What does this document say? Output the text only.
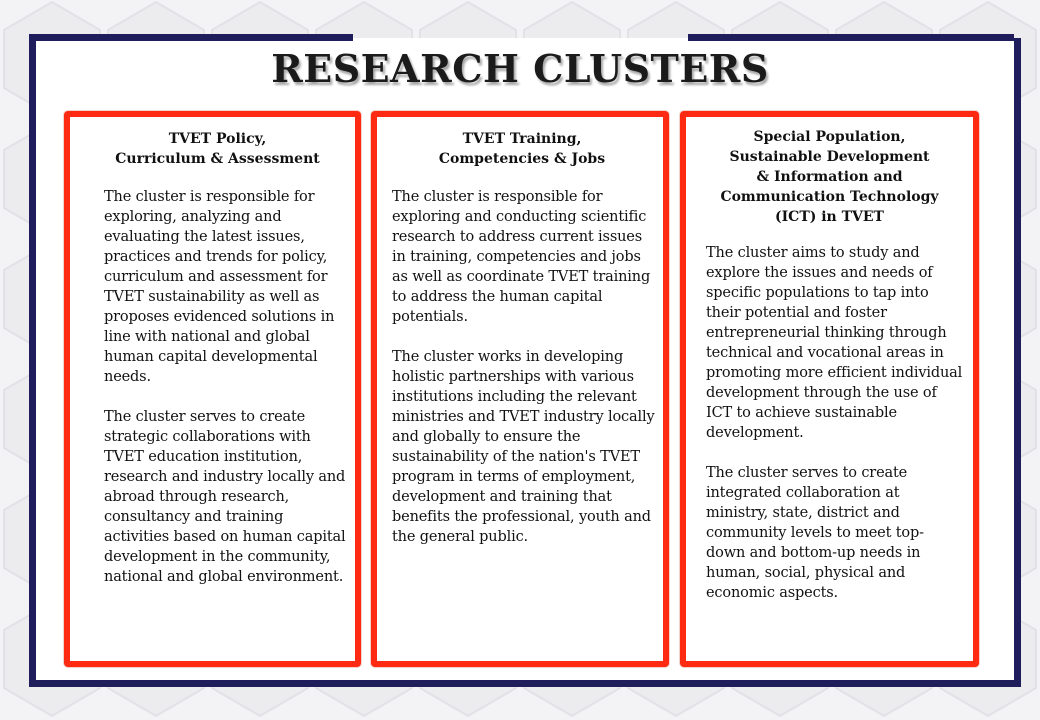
RESEARCH CLUSTERS

TVET Policy,
Curriculum & Assessment

The cluster is responsible for exploring, analyzing and evaluating the latest issues, practices and trends for policy, curriculum and assessment for TVET sustainability as well as proposes evidenced solutions in line with national and global human capital developmental needs.

The cluster serves to create strategic collaborations with TVET education institution, research and industry locally and abroad through research, consultancy and training activities based on human capital development in the community, national and global environment.

TVET Training,
Competencies & Jobs

The cluster is responsible for exploring and conducting scientific research to address current issues in training, competencies and jobs as well as coordinate TVET training to address the human capital potentials.

The cluster works in developing holistic partnerships with various institutions including the relevant ministries and TVET industry locally and globally to ensure the sustainability of the nation's TVET program in terms of employment, development and training that benefits the professional, youth and the general public.

Special Population,
Sustainable Development
& Information and
Communication Technology
(ICT) in TVET

The cluster aims to study and explore the issues and needs of specific populations to tap into their potential and foster entrepreneurial thinking through technical and vocational areas in promoting more efficient individual development through the use of ICT to achieve sustainable development.

The cluster serves to create integrated collaboration at ministry, state, district and community levels to meet top-down and bottom-up needs in human, social, physical and economic aspects.
